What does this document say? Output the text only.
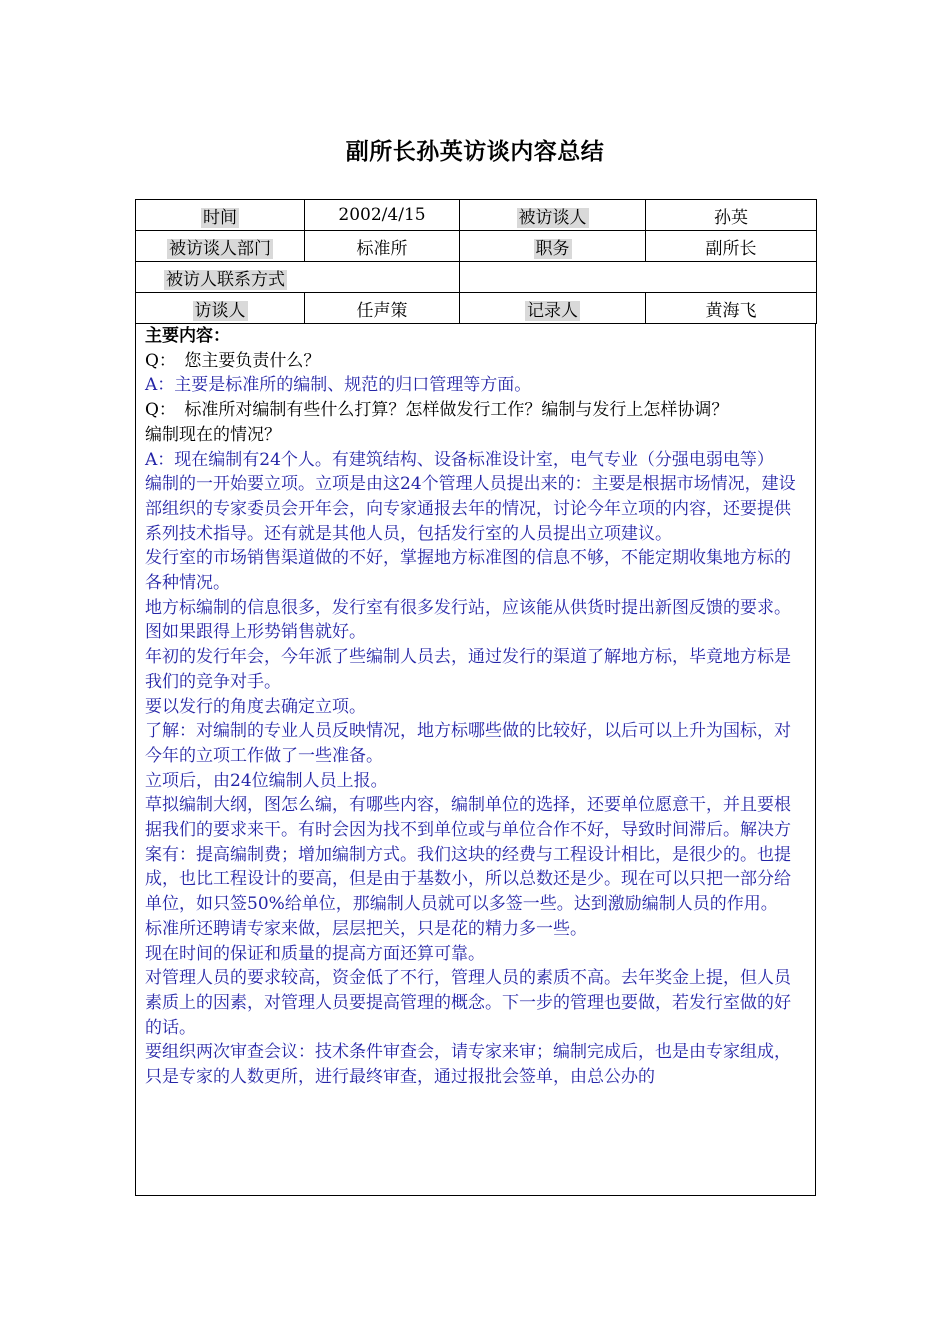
副所长孙英访谈内容总结
时间	2002/4/15	被访谈人	孙英
被访谈人部门	标准所	职务	副所长
被访人联系方式			
访谈人	任声策	记录人	黄海飞

主要内容：

Q：　您主要负责什么？

A：主要是标准所的编制、规范的归口管理等方面。

Q：　标准所对编制有些什么打算？怎样做发行工作？编制与发行上怎样协调？

编制现在的情况？

A：现在编制有24个人。有建筑结构、设备标准设计室，电气专业（分强电弱电等）

编制的一开始要立项。立项是由这24个管理人员提出来的：主要是根据市场情况，建设部组织的专家委员会开年会，向专家通报去年的情况，讨论今年立项的内容，还要提供系列技术指导。还有就是其他人员，包括发行室的人员提出立项建议。

发行室的市场销售渠道做的不好，掌握地方标准图的信息不够，不能定期收集地方标的各种情况。

地方标编制的信息很多，发行室有很多发行站，应该能从供货时提出新图反馈的要求。

图如果跟得上形势销售就好。

年初的发行年会，今年派了些编制人员去，通过发行的渠道了解地方标，毕竟地方标是我们的竞争对手。

要以发行的角度去确定立项。

了解：对编制的专业人员反映情况，地方标哪些做的比较好，以后可以上升为国标，对今年的立项工作做了一些准备。

立项后，由24位编制人员上报。

草拟编制大纲，图怎么编，有哪些内容，编制单位的选择，还要单位愿意干，并且要根据我们的要求来干。有时会因为找不到单位或与单位合作不好，导致时间滞后。解决方案有：提高编制费；增加编制方式。我们这块的经费与工程设计相比，是很少的。也提成，也比工程设计的要高，但是由于基数小，所以总数还是少。现在可以只把一部分给单位，如只签50%给单位，那编制人员就可以多签一些。达到激励编制人员的作用。

标准所还聘请专家来做，层层把关，只是花的精力多一些。

现在时间的保证和质量的提高方面还算可靠。

对管理人员的要求较高，资金低了不行，管理人员的素质不高。去年奖金上提，但人员素质上的因素，对管理人员要提高管理的概念。下一步的管理也要做，若发行室做的好的话。

要组织两次审查会议：技术条件审查会，请专家来审；编制完成后，也是由专家组成，只是专家的人数更所，进行最终审查，通过报批会签单，由总公办的
